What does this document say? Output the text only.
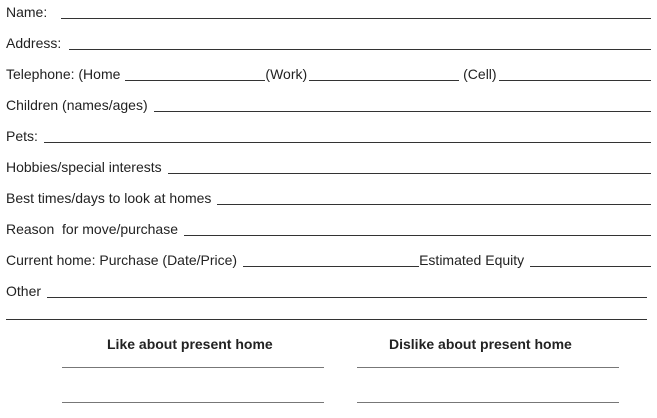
Name:
Address:
Telephone: (Home	(Work)	(Cell)
Children (names/ages)
Pets:
Hobbies/special interests
Best times/days to look at homes
Reason  for move/purchase
Current home: Purchase (Date/Price)	Estimated Equity
Other
Like about present home	Dislike about present home
